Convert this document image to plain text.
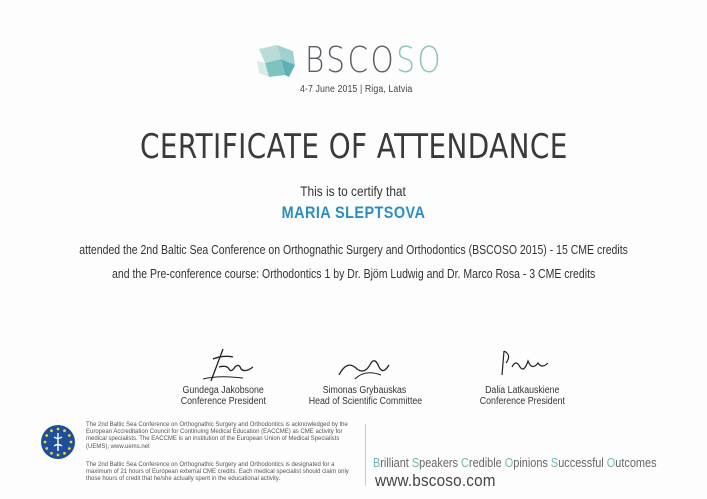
BSCOSO
4-7 June 2015 | Riga, Latvia
CERTIFICATE OF ATTENDANCE
This is to certify that
MARIA SLEPTSOVA
attended the 2nd Baltic Sea Conference on Orthognathic Surgery and Orthodontics (BSCOSO 2015) - 15 CME credits
and the Pre-conference course: Orthodontics 1 by Dr. Bjöm Ludwig and Dr. Marco Rosa - 3 CME credits
Gundega Jakobsone
Conference President
Simonas Grybauskas
Head of Scientific Committee
Dalia Latkauskiene
Conference President
The 2nd Baltic Sea Conference on Orthognathic Surgery and Orthodontics is acknowledged by the European Accreditation Council for Continuing Medical Education (EACCME) as CME activity for medical specialists. The EACCME is an institution of the European Union of Medical Specialists (UEMS), www.uems.net
The 2nd Baltic Sea Conference on Orthognathic Surgery and Orthodontics is designated for a maximum of 21 hours of European external CME credits. Each medical specialist should claim only those hours of credit that he/she actually spent in the educational activity.
Brilliant Speakers Credible Opinions Successful Outcomes
www.bscoso.com
